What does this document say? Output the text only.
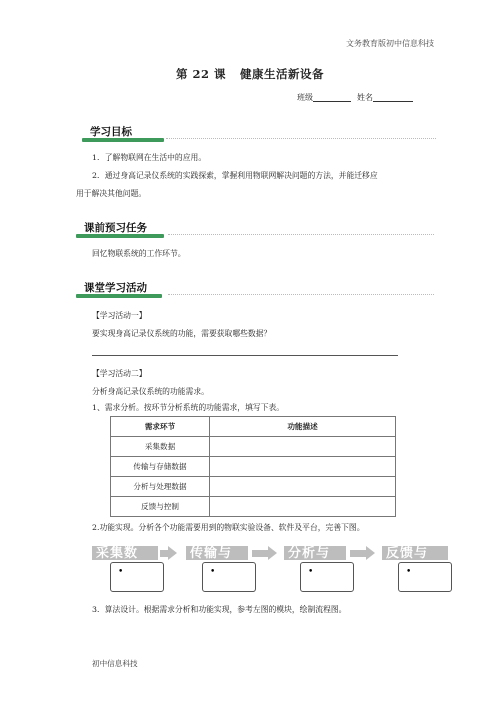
文务教育版初中信息科技
第 22 课 健康生活新设备
班级	姓名
学习目标
1．了解物联网在生活中的应用。
2．通过身高记录仪系统的实践探索，掌握利用物联网解决问题的方法，并能迁移应
用于解决其他问题。
课前预习任务
回忆物联系统的工作环节。
课堂学习活动
【学习活动一】
要实现身高记录仪系统的功能，需要获取哪些数据？
【学习活动二】
分析身高记录仪系统的功能需求。
1、需求分析。按环节分析系统的功能需求，填写下表。
需求环节	功能描述
采集数据	
传输与存储数据	
分析与处理数据	
反馈与控制	
2.功能实现。分析各个功能需要用到的物联实验设备、软件及平台，完善下图。
采集数
•
传输与
•
分析与
•
反馈与
•
3．算法设计。根据需求分析和功能实现，参考左图的模块，绘制流程图。
初中信息科技
